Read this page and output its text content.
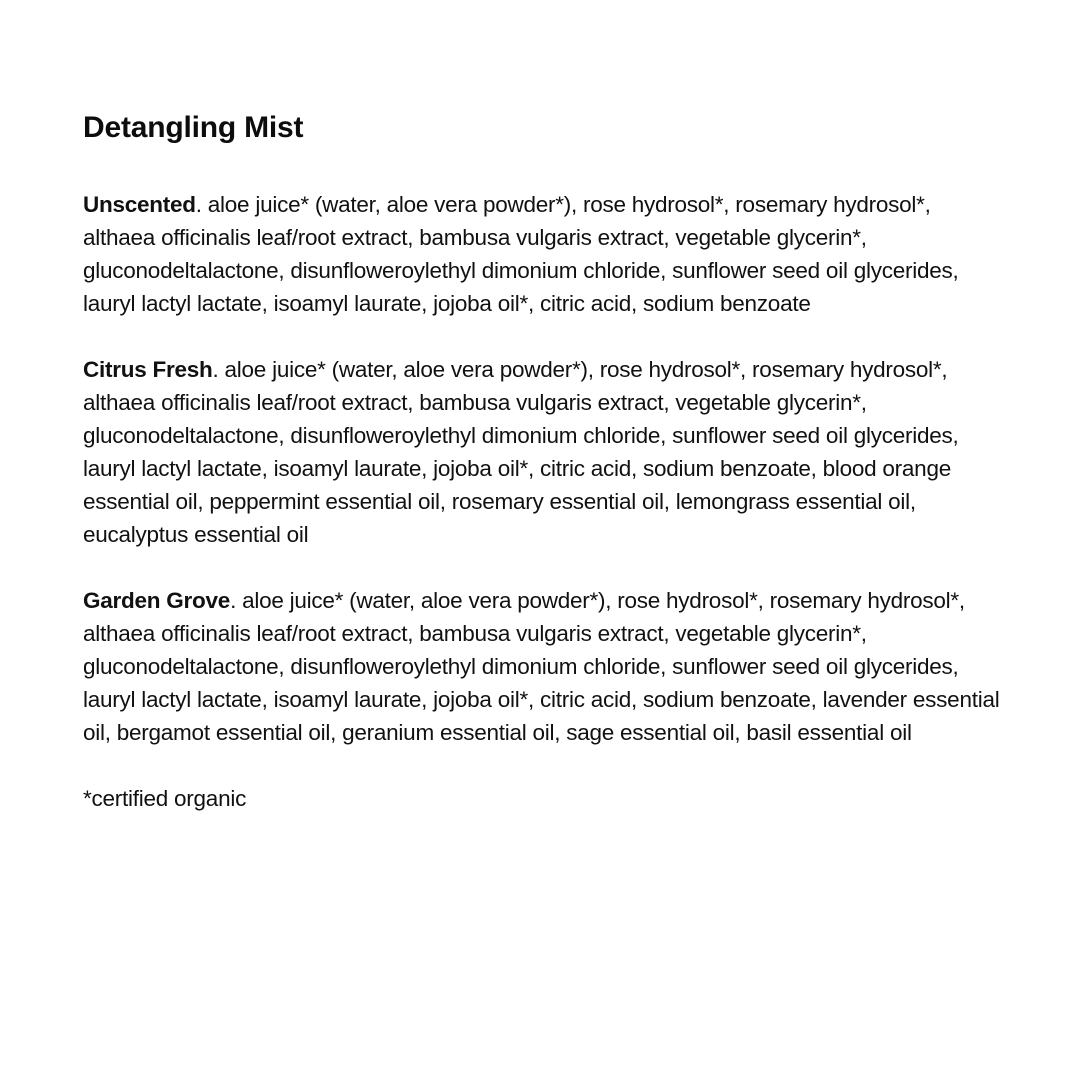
Detangling Mist

Unscented. aloe juice* (water, aloe vera powder*), rose hydrosol*, rosemary hydrosol*, althaea officinalis leaf/root extract, bambusa vulgaris extract, vegetable glycerin*, gluconodeltalactone, disunfloweroylethyl dimonium chloride, sunflower seed oil glycerides, lauryl lactyl lactate, isoamyl laurate, jojoba oil*, citric acid, sodium benzoate

Citrus Fresh. aloe juice* (water, aloe vera powder*), rose hydrosol*, rosemary hydrosol*, althaea officinalis leaf/root extract, bambusa vulgaris extract, vegetable glycerin*, gluconodeltalactone, disunfloweroylethyl dimonium chloride, sunflower seed oil glycerides, lauryl lactyl lactate, isoamyl laurate, jojoba oil*, citric acid, sodium benzoate, blood orange essential oil, peppermint essential oil, rosemary essential oil, lemongrass essential oil, eucalyptus essential oil

Garden Grove. aloe juice* (water, aloe vera powder*), rose hydrosol*, rosemary hydrosol*, althaea officinalis leaf/root extract, bambusa vulgaris extract, vegetable glycerin*, gluconodeltalactone, disunfloweroylethyl dimonium chloride, sunflower seed oil glycerides, lauryl lactyl lactate, isoamyl laurate, jojoba oil*, citric acid, sodium benzoate, lavender essential oil, bergamot essential oil, geranium essential oil, sage essential oil, basil essential oil

*certified organic
